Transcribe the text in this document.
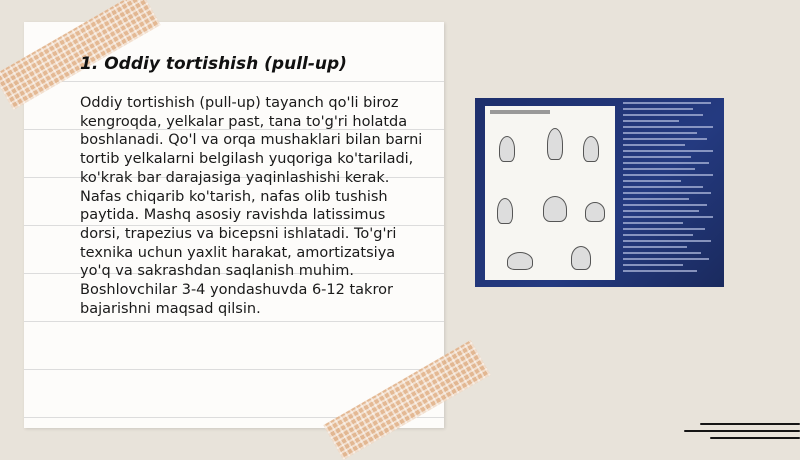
1. Oddiy tortishish (pull-up)

Oddiy tortishish (pull-up) tayanch qo'li biroz kengroqda, yelkalar past, tana to'g'ri holatda boshlanadi. Qo'l va orqa mushaklari bilan barni tortib yelkalarni belgilash yuqoriga ko'tariladi, ko'krak bar darajasiga yaqinlashishi kerak. Nafas chiqarib ko'tarish, nafas olib tushish paytida. Mashq asosiy ravishda latissimus dorsi, trapezius va bicepsni ishlatadi. To'g'ri texnika uchun yaxlit harakat, amortizatsiya yo'q va sakrashdan saqlanish muhim. Boshlovchilar 3-4 yondashuvda 6-12 takror bajarishni maqsad qilsin.
